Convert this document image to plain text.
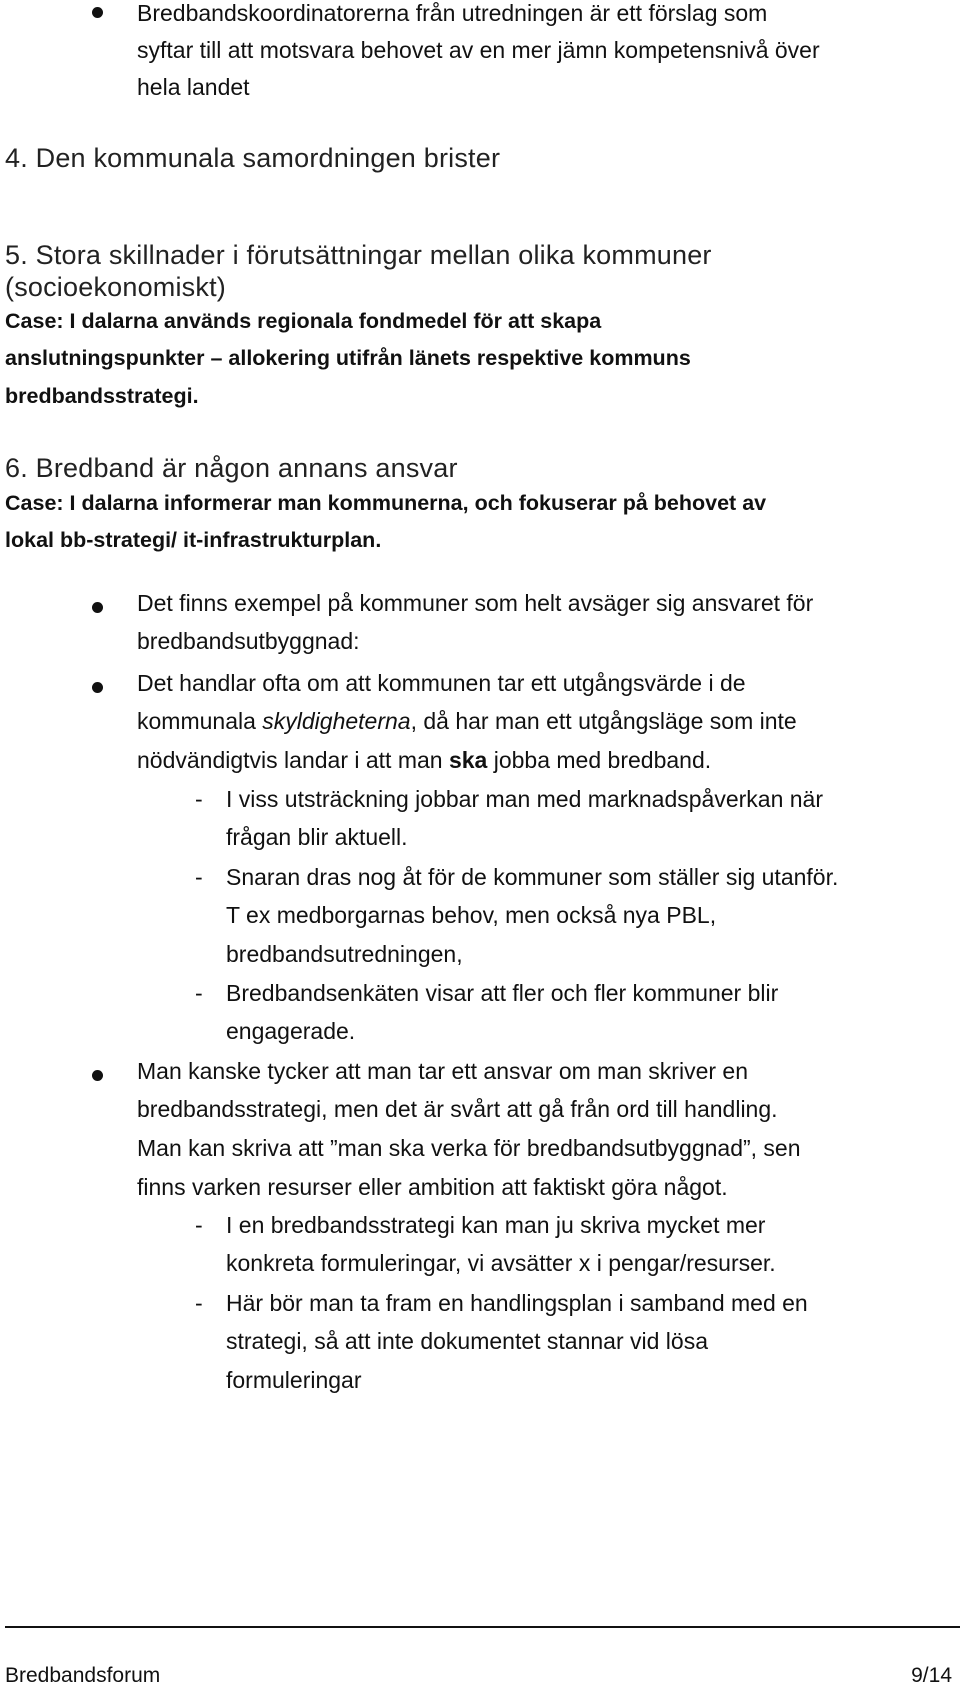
Bredbandskoordinatorerna från utredningen är ett förslag som
syftar till att motsvara behovet av en mer jämn kompetensnivå över
hela landet
4. Den kommunala samordningen brister
5. Stora skillnader i förutsättningar mellan olika kommuner
(socioekonomiskt)
Case: I dalarna används regionala fondmedel för att skapa
anslutningspunkter – allokering utifrån länets respektive kommuns
bredbandsstrategi.
6. Bredband är någon annans ansvar
Case: I dalarna informerar man kommunerna, och fokuserar på behovet av
lokal bb-strategi/ it-infrastrukturplan.
Det finns exempel på kommuner som helt avsäger sig ansvaret för
bredbandsutbyggnad:
Det handlar ofta om att kommunen tar ett utgångsvärde i de
kommunala skyldigheterna, då har man ett utgångsläge som inte
nödvändigtvis landar i att man ska jobba med bredband.
- I viss utsträckning jobbar man med marknadspåverkan när
frågan blir aktuell.
- Snaran dras nog åt för de kommuner som ställer sig utanför.
T ex medborgarnas behov, men också nya PBL,
bredbandsutredningen,
- Bredbandsenkäten visar att fler och fler kommuner blir
engagerade.
Man kanske tycker att man tar ett ansvar om man skriver en
bredbandsstrategi, men det är svårt att gå från ord till handling.
Man kan skriva att ”man ska verka för bredbandsutbyggnad”, sen
finns varken resurser eller ambition att faktiskt göra något.
- I en bredbandsstrategi kan man ju skriva mycket mer
konkreta formuleringar, vi avsätter x i pengar/resurser.
- Här bör man ta fram en handlingsplan i samband med en
strategi, så att inte dokumentet stannar vid lösa
formuleringar
Bredbandsforum	9/14
